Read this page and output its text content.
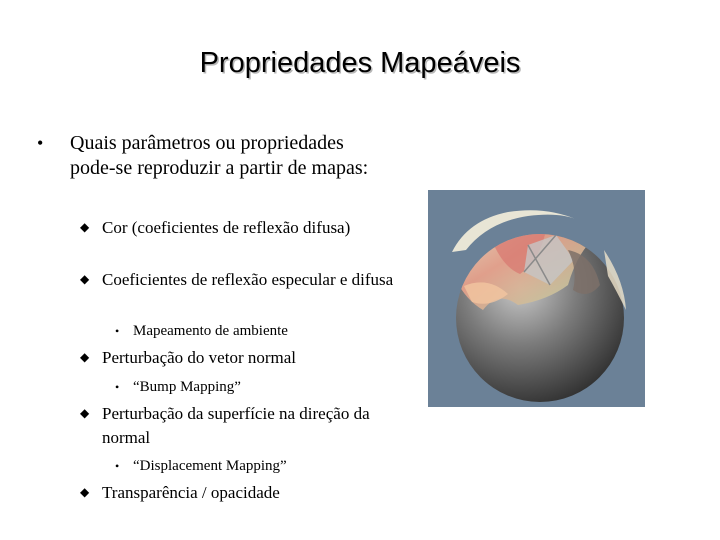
Propriedades Mapeáveis
• Quais parâmetros ou propriedades pode-se reproduzir a partir de mapas:
◆ Cor (coeficientes de reflexão difusa)
◆ Coeficientes de reflexão especular e difusa
• Mapeamento de ambiente
◆ Perturbação do vetor normal
• “Bump Mapping”
◆ Perturbação da superfície na direção da normal
• “Displacement Mapping”
◆ Transparência / opacidade
